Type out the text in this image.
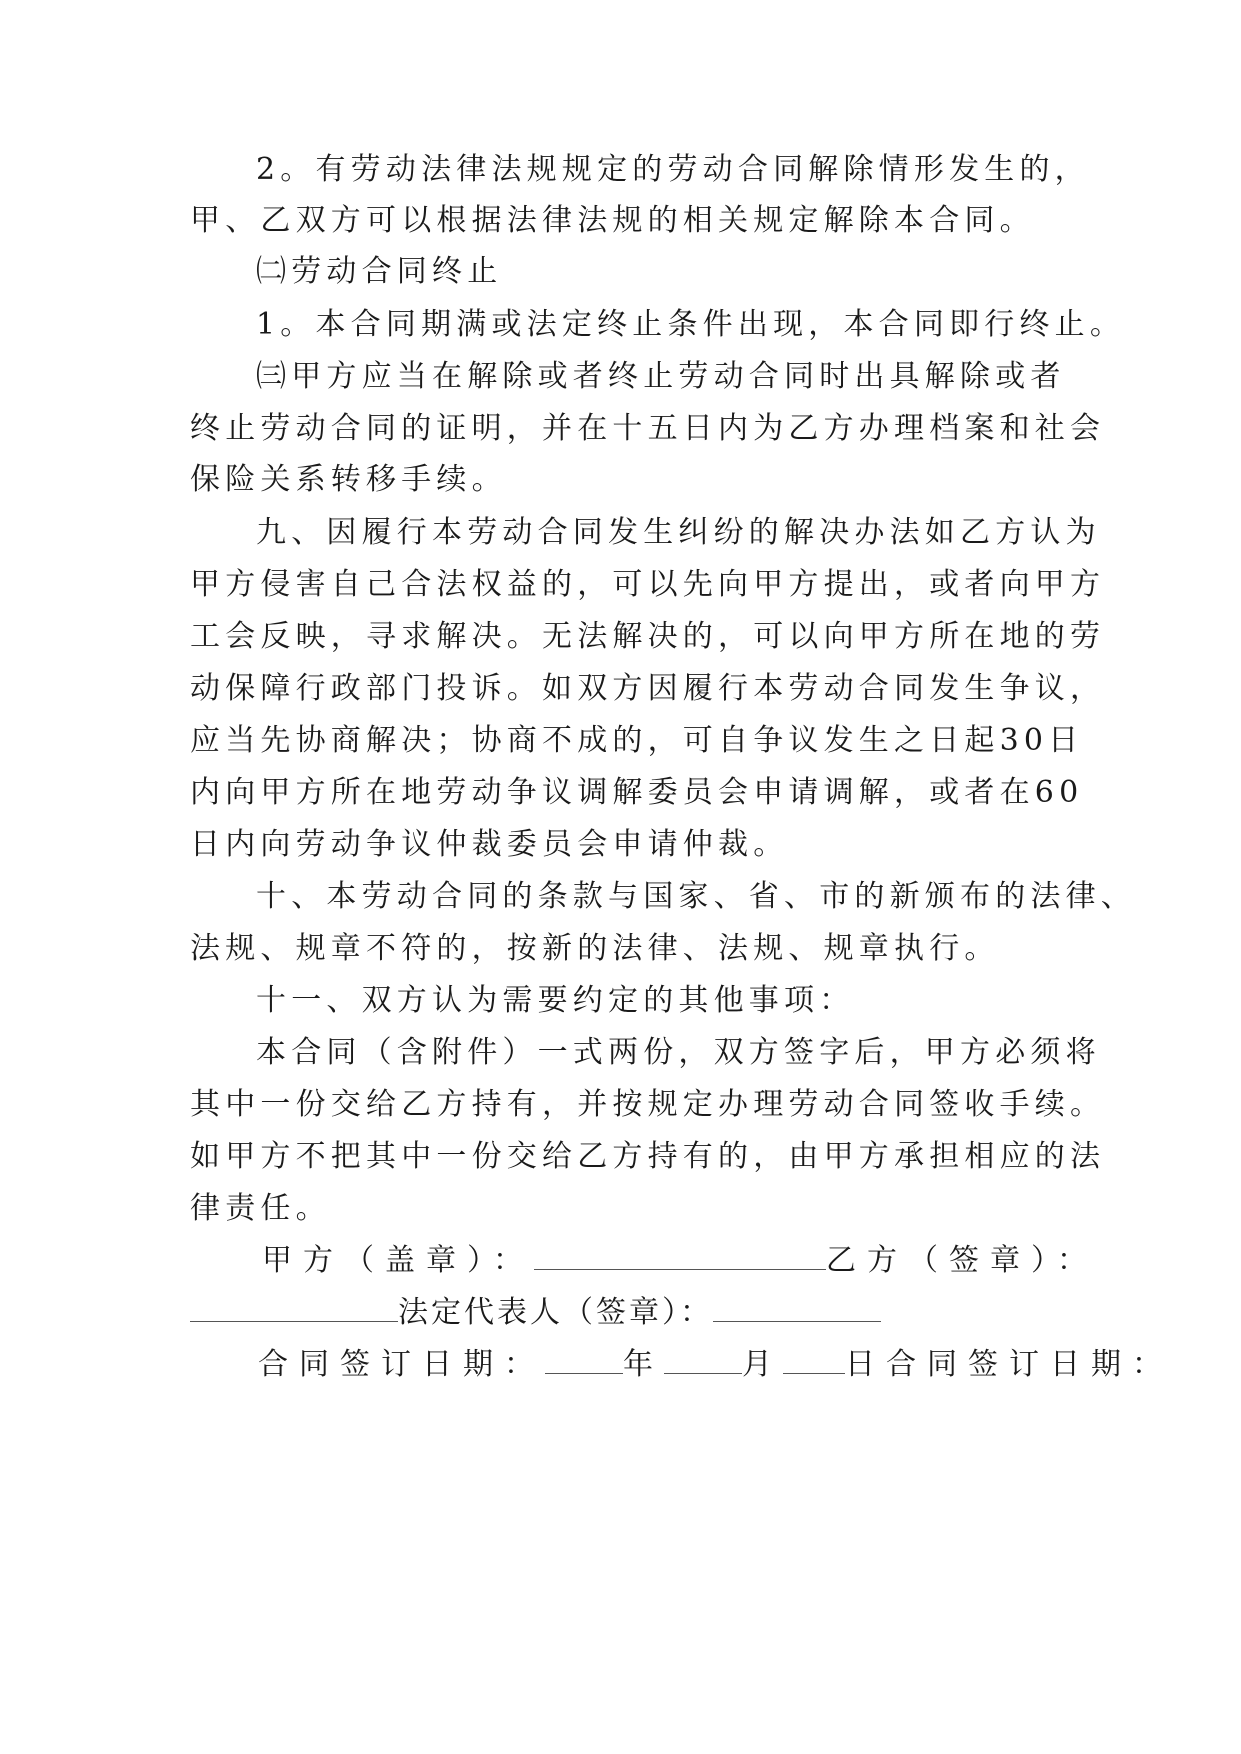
2。有劳动法律法规规定的劳动合同解除情形发生的，
甲、乙双方可以根据法律法规的相关规定解除本合同。
㈡劳动合同终止
1。本合同期满或法定终止条件出现，本合同即行终止。
㈢甲方应当在解除或者终止劳动合同时出具解除或者
终止劳动合同的证明，并在十五日内为乙方办理档案和社会
保险关系转移手续。
九、因履行本劳动合同发生纠纷的解决办法如乙方认为
甲方侵害自己合法权益的，可以先向甲方提出，或者向甲方
工会反映，寻求解决。无法解决的，可以向甲方所在地的劳
动保障行政部门投诉。如双方因履行本劳动合同发生争议，
应当先协商解决；协商不成的，可自争议发生之日起30日
内向甲方所在地劳动争议调解委员会申请调解，或者在60
日内向劳动争议仲裁委员会申请仲裁。
十、本劳动合同的条款与国家、省、市的新颁布的法律、
法规、规章不符的，按新的法律、法规、规章执行。
十一、双方认为需要约定的其他事项：
本合同（含附件）一式两份，双方签字后，甲方必须将
其中一份交给乙方持有，并按规定办理劳动合同签收手续。
如甲方不把其中一份交给乙方持有的，由甲方承担相应的法
律责任。
甲方（盖章）：	乙方（签章）：
法定代表人（签章）：
合同签订日期：	年	月 日合同签订日期：
